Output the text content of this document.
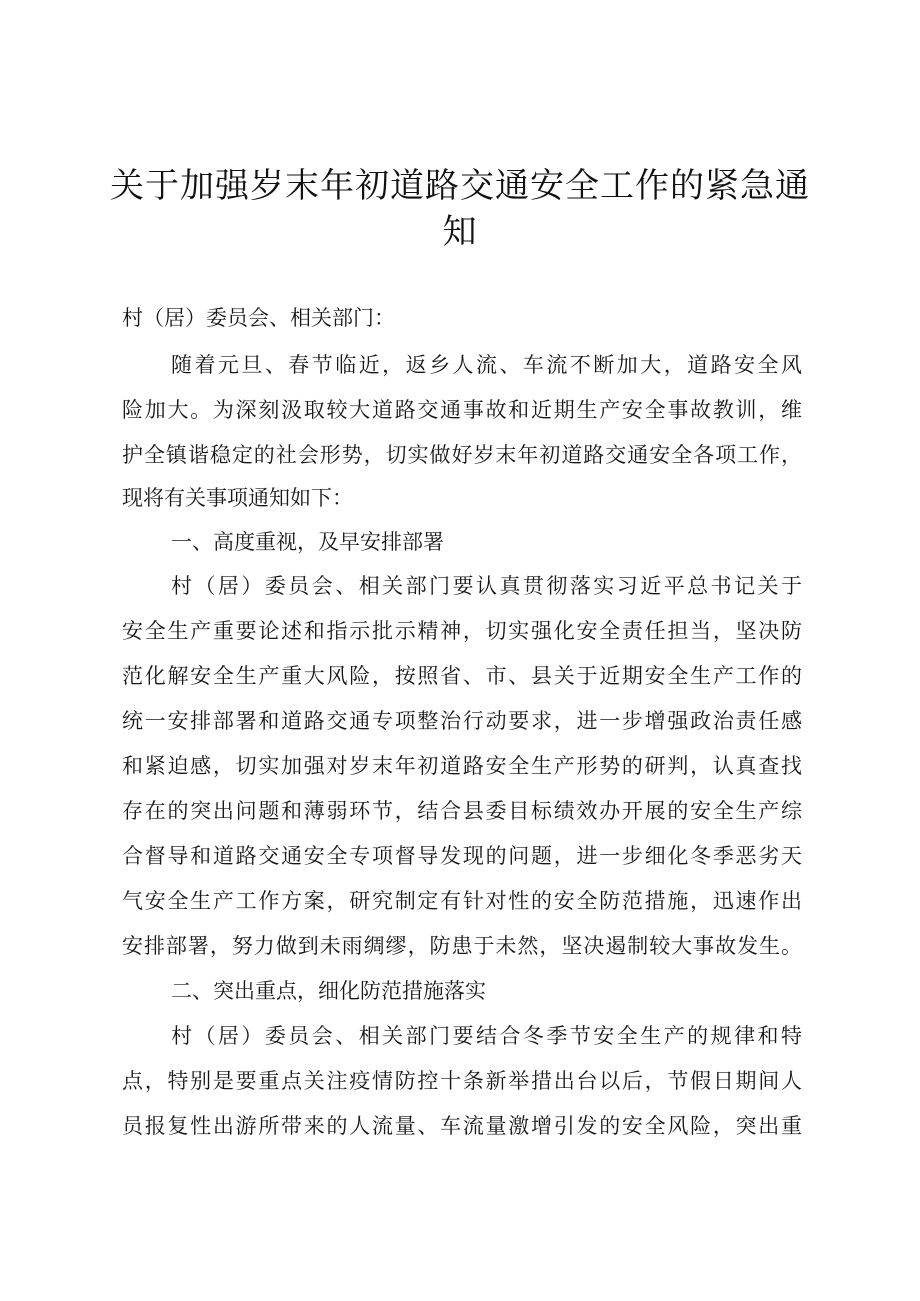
关于加强岁末年初道路交通安全工作的紧急通
知
村（居）委员会、相关部门：
随着元旦、春节临近，返乡人流、车流不断加大，道路安全风
险加大。为深刻汲取较大道路交通事故和近期生产安全事故教训，维
护全镇谐稳定的社会形势，切实做好岁末年初道路交通安全各项工作，
现将有关事项通知如下：
一、高度重视，及早安排部署
村（居）委员会、相关部门要认真贯彻落实习近平总书记关于
安全生产重要论述和指示批示精神，切实强化安全责任担当，坚决防
范化解安全生产重大风险，按照省、市、县关于近期安全生产工作的
统一安排部署和道路交通专项整治行动要求，进一步增强政治责任感
和紧迫感，切实加强对岁末年初道路安全生产形势的研判，认真查找
存在的突出问题和薄弱环节，结合县委目标绩效办开展的安全生产综
合督导和道路交通安全专项督导发现的问题，进一步细化冬季恶劣天
气安全生产工作方案，研究制定有针对性的安全防范措施，迅速作出
安排部署，努力做到未雨绸缪，防患于未然，坚决遏制较大事故发生。
二、突出重点，细化防范措施落实
村（居）委员会、相关部门要结合冬季节安全生产的规律和特
点，特别是要重点关注疫情防控十条新举措出台以后，节假日期间人
员报复性出游所带来的人流量、车流量激增引发的安全风险，突出重
